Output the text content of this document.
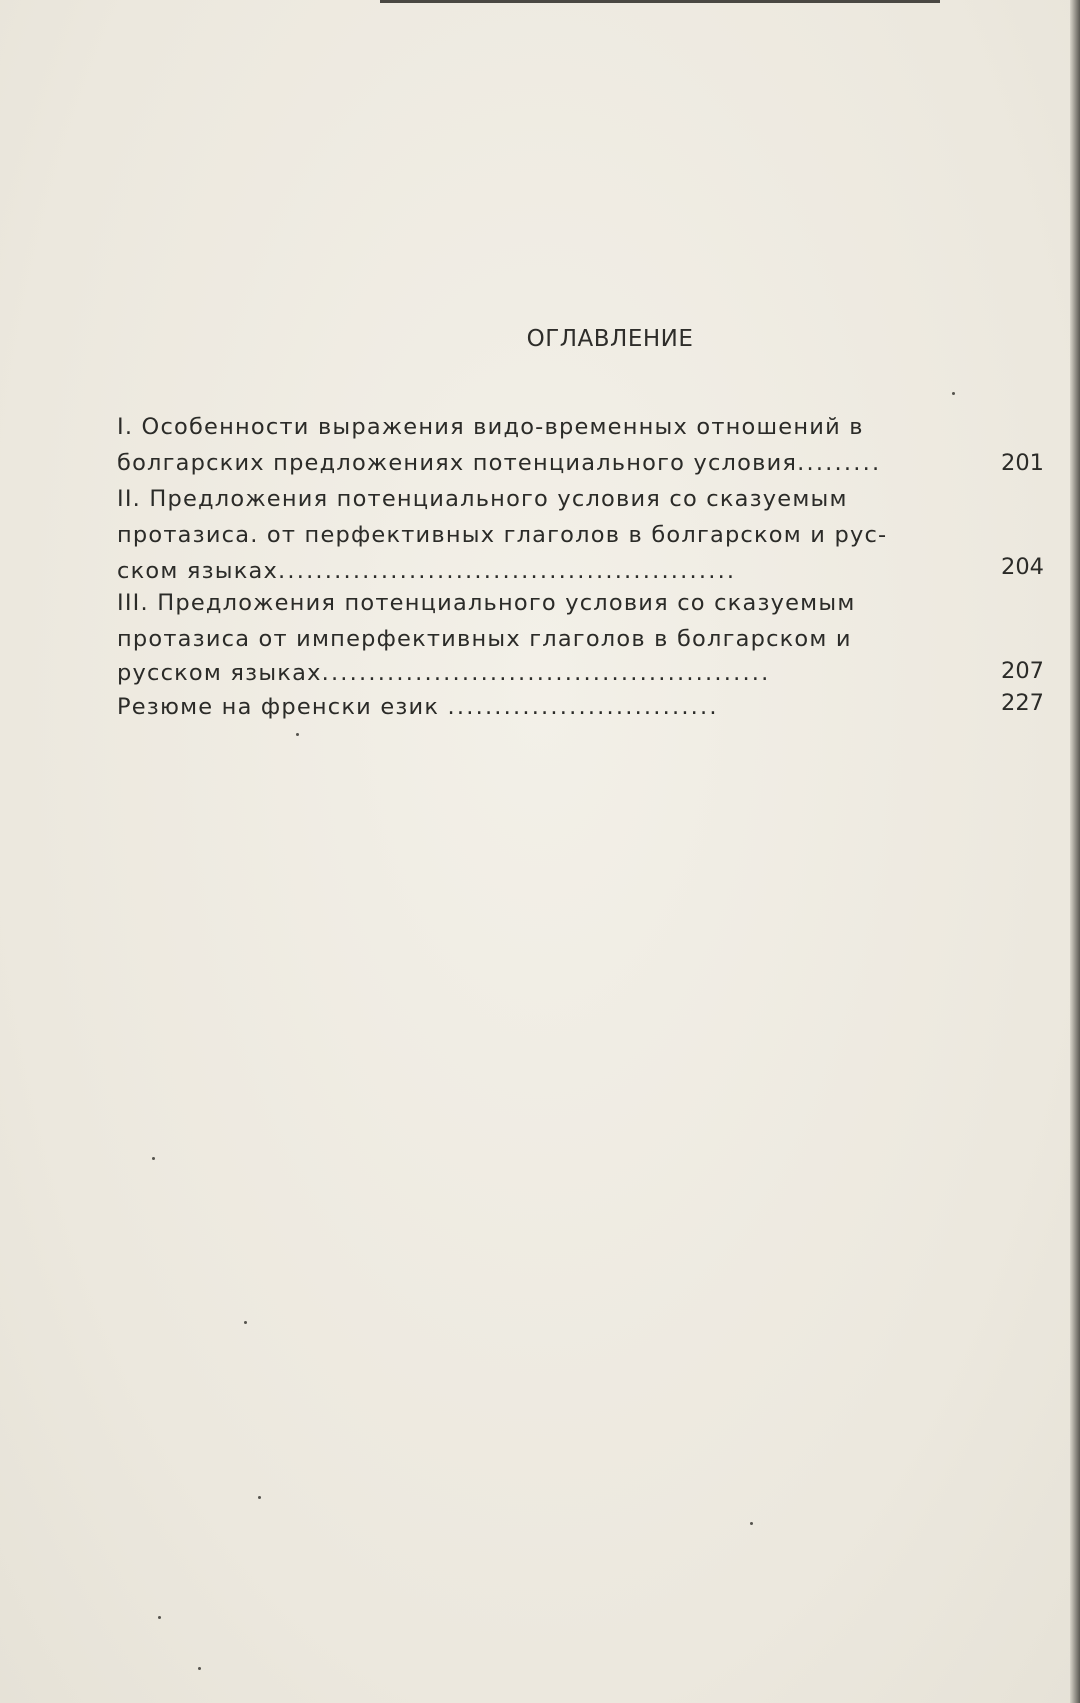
ОГЛАВЛЕНИЕ
I. Особенности выражения видо-временных отношений в
болгарских предложениях потенциального условия.........	201
II. Предложения потенциального условия со сказуемым
протазиса. от перфективных глаголов в болгарском и рус-
ском языках.................................................	204
III. Предложения потенциального условия со сказуемым
протазиса от имперфективных глаголов в болгарском и
русском языках................................................	207
Резюме на френски език .............................	227
